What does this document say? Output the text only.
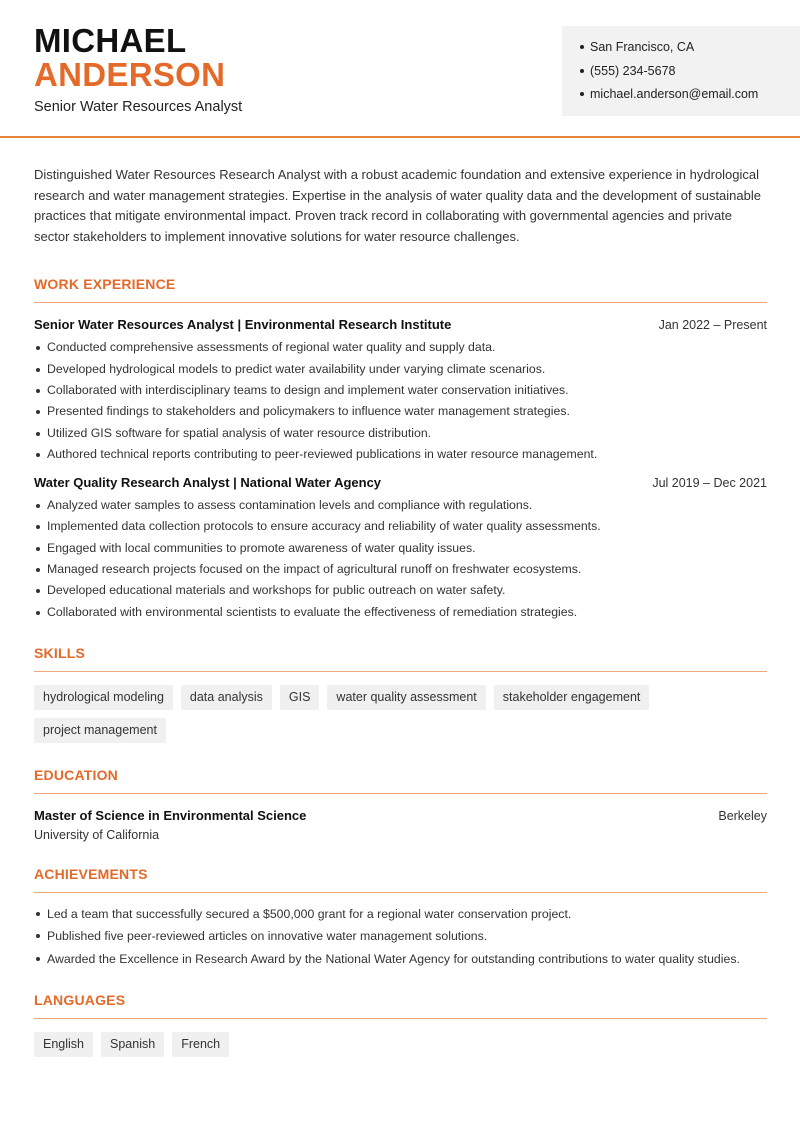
MICHAEL
ANDERSON
Senior Water Resources Analyst
San Francisco, CA
(555) 234-5678
michael.anderson@email.com

Distinguished Water Resources Research Analyst with a robust academic foundation and extensive experience in hydrological research and water management strategies. Expertise in the analysis of water quality data and the development of sustainable practices that mitigate environmental impact. Proven track record in collaborating with governmental agencies and private sector stakeholders to implement innovative solutions for water resource challenges.

WORK EXPERIENCE
Senior Water Resources Analyst | Environmental Research Institute	Jan 2022 – Present
Conducted comprehensive assessments of regional water quality and supply data.
Developed hydrological models to predict water availability under varying climate scenarios.
Collaborated with interdisciplinary teams to design and implement water conservation initiatives.
Presented findings to stakeholders and policymakers to influence water management strategies.
Utilized GIS software for spatial analysis of water resource distribution.
Authored technical reports contributing to peer-reviewed publications in water resource management.
Water Quality Research Analyst | National Water Agency	Jul 2019 – Dec 2021
Analyzed water samples to assess contamination levels and compliance with regulations.
Implemented data collection protocols to ensure accuracy and reliability of water quality assessments.
Engaged with local communities to promote awareness of water quality issues.
Managed research projects focused on the impact of agricultural runoff on freshwater ecosystems.
Developed educational materials and workshops for public outreach on water safety.
Collaborated with environmental scientists to evaluate the effectiveness of remediation strategies.
SKILLS
hydrological modeling	data analysis	GIS	water quality assessment	stakeholder engagement
project management
EDUCATION
Master of Science in Environmental Science	Berkeley
University of California
ACHIEVEMENTS
Led a team that successfully secured a $500,000 grant for a regional water conservation project.
Published five peer-reviewed articles on innovative water management solutions.
Awarded the Excellence in Research Award by the National Water Agency for outstanding contributions to water quality studies.
LANGUAGES
English	Spanish	French
